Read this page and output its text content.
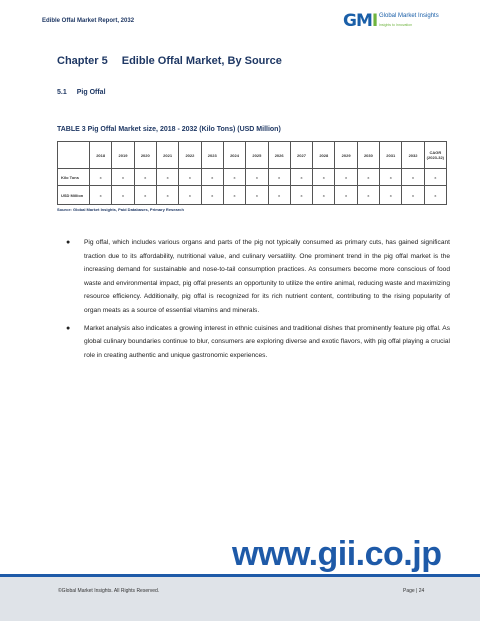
Edible Offal Market Report, 2032	GMI Global Market Insights
Insights to Innovation
Chapter 5 Edible Offal Market, By Source
5.1 Pig Offal
TABLE 3 Pig Offal Market size, 2018 - 2032 (Kilo Tons) (USD Million)
	2018	2019	2020	2021	2022	2023	2024	2025	2026	2027	2028	2029	2030	2031	2032	CAGR (2023-32)
Kilo Tons	x	x	x	x	x	x	x	x	x	x	x	x	x	x	x	x
USD Million	x	x	x	x	x	x	x	x	x	x	x	x	x	x	x	x
Source: Global Market Insights, Paid Databases, Primary Research
● Pig offal, which includes various organs and parts of the pig not typically consumed as primary cuts, has gained significant traction due to its affordability, nutritional value, and culinary versatility. One prominent trend in the pig offal market is the increasing demand for sustainable and nose-to-tail consumption practices. As consumers become more conscious of food waste and environmental impact, pig offal presents an opportunity to utilize the entire animal, reducing waste and maximizing resource efficiency. Additionally, pig offal is recognized for its rich nutrient content, contributing to the rising popularity of organ meats as a source of essential vitamins and minerals.

● Market analysis also indicates a growing interest in ethnic cuisines and traditional dishes that prominently feature pig offal. As global culinary boundaries continue to blur, consumers are exploring diverse and exotic flavors, with pig offal playing a crucial role in creating authentic and unique gastronomic experiences.

www.gii.co.jp
©Global Market Insights. All Rights Reserved.	Page | 24
